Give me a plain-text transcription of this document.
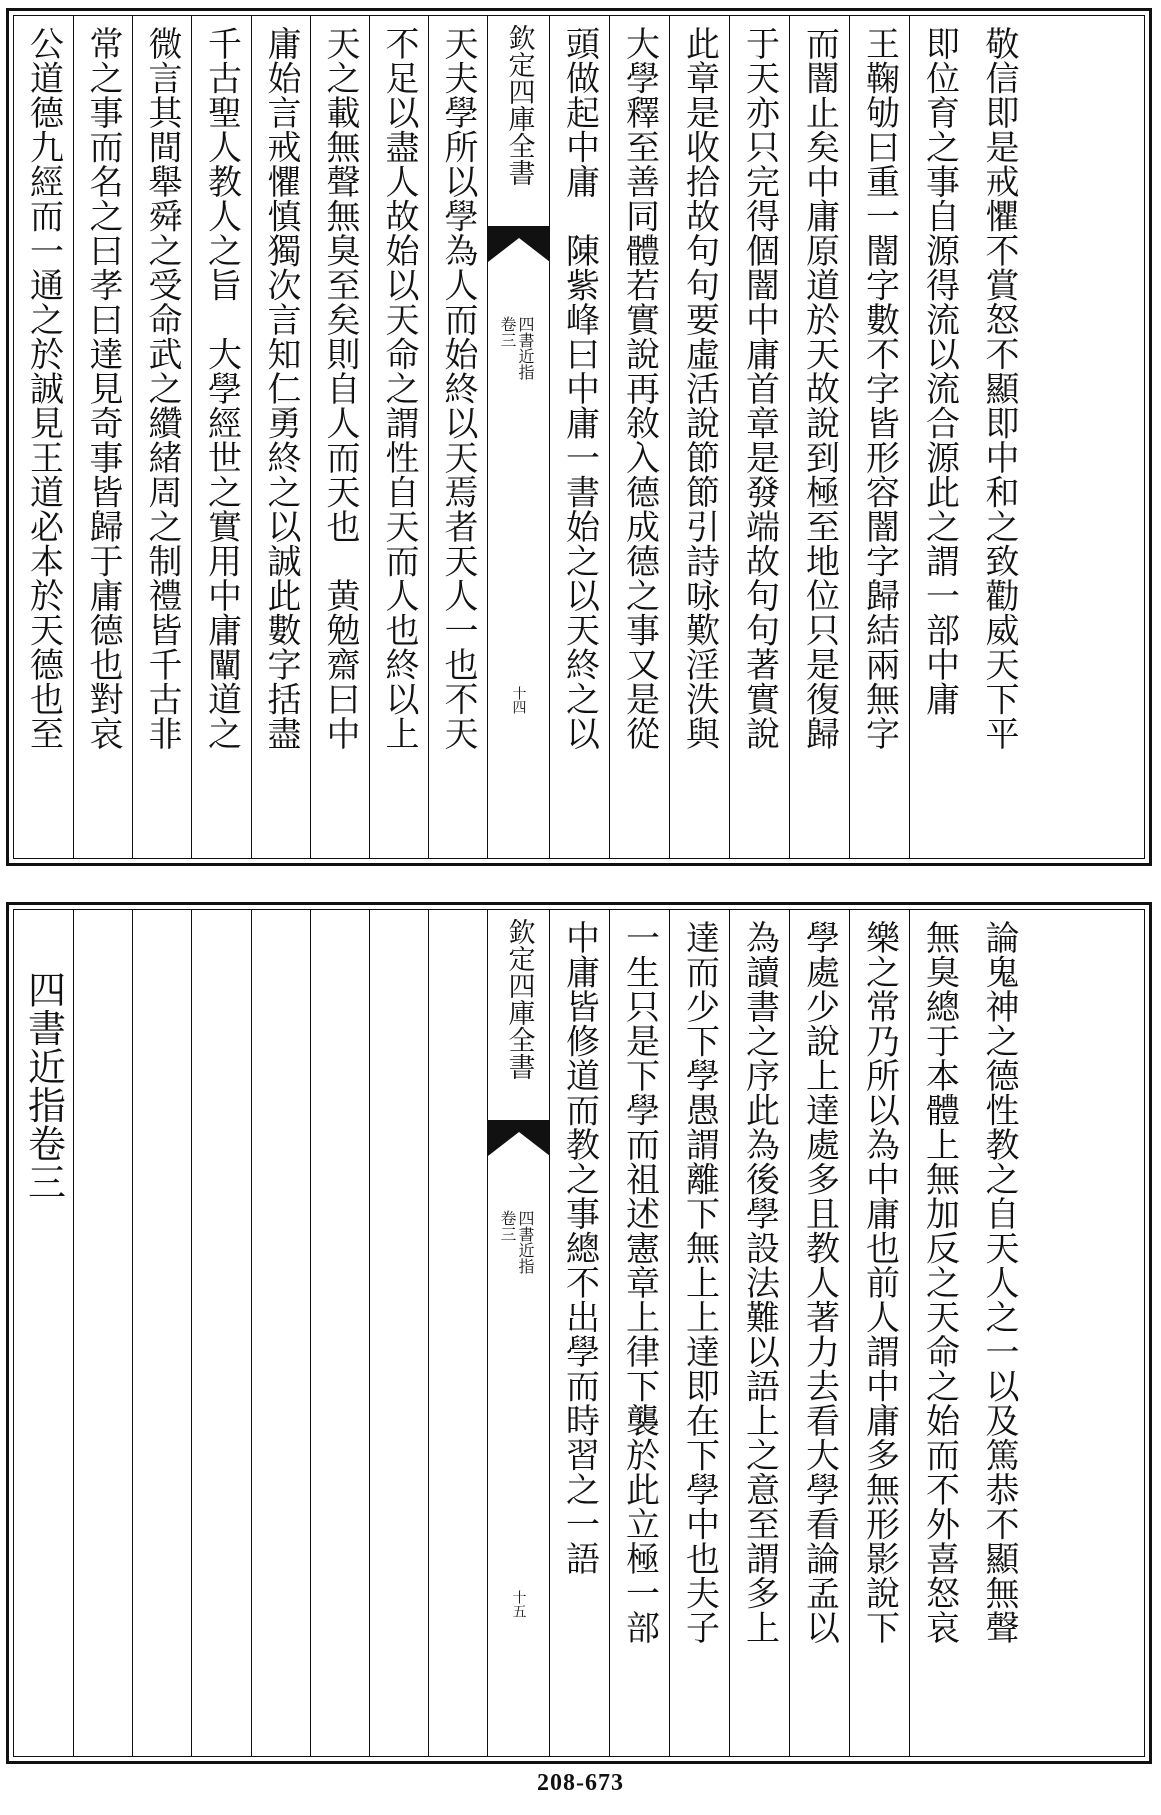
公道德九經而一通之於誠見王道必本於天德也至 常之事而名之曰孝曰達見奇事皆歸于庸德也對哀 微言其間舉舜之受命武之纘緒周之制禮皆千古非 千古聖人教人之旨　大學經世之實用中庸闡道之 庸始言戒懼慎獨次言知仁勇終之以誠此數字括盡 天之載無聲無臭至矣則自人而天也　黄勉齋曰中 不足以盡人故始以天命之謂性自天而人也終以上 天夫學所以學為人而始終以天焉者天人一也不天 欽定四庫全書
四書近指
卷三
十四 頭做起中庸　陳紫峰曰中庸一書始之以天終之以 大學釋至善同體若實說再敘入德成德之事又是從 此章是收拾故句句要虛活說節節引詩咏歎淫泆與 于天亦只完得個闇中庸首章是發端故句句著實說 而闇止矣中庸原道於天故說到極至地位只是復歸 王鞠劬曰重一闇字數不字皆形容闇字歸結兩無字 即位育之事自源得流以流合源此之謂一部中庸 敬信即是戒懼不賞怒不顯即中和之致勸威天下平
四書近指卷三	欽定四庫全書
四書近指
卷三
十五
中庸皆修道而教之事總不出學而時習之一語 一生只是下學而祖述憲章上律下襲於此立極一部 達而少下學愚謂離下無上上達即在下學中也夫子 為讀書之序此為後學設法難以語上之意至謂多上 學處少說上達處多且教人著力去看大學看論孟以 樂之常乃所以為中庸也前人謂中庸多無形影說下 無臭總于本體上無加反之天命之始而不外喜怒哀 論鬼神之德性教之自天人之一以及篤恭不顯無聲
208-673
